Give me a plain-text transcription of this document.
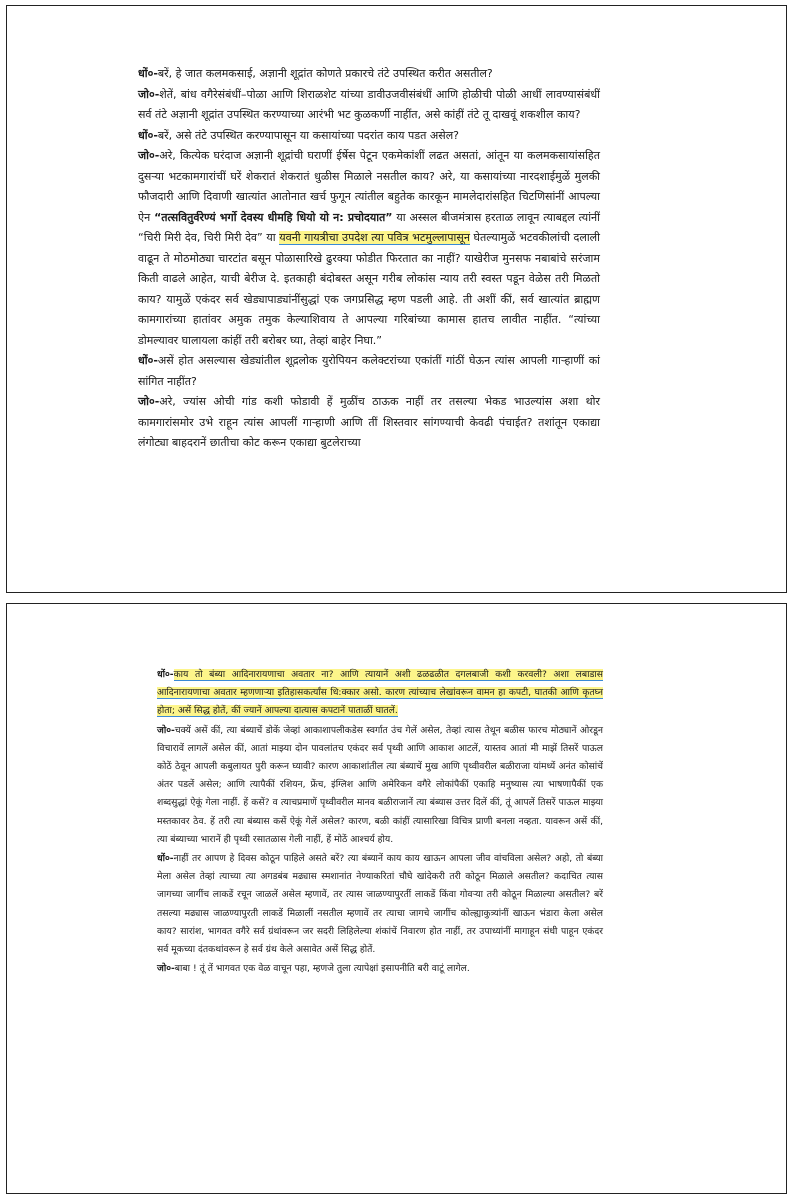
धों०-बरें, हे जात कलमकसाई, अज्ञानी शूद्रांत कोणते प्रकारचे तंटे उपस्थित करीत असतील?

जो०-शेतें, बांध वगैरेसंबंधीं–पोळा आणि शिराळशेट यांच्या डावीउजवीसंबंधीं आणि होळीची पोळी आधीं लावण्यासंबंधीं सर्व तंटे अज्ञानी शूद्रांत उपस्थित करण्याच्या आरंभी भट कुळकर्णी नाहींत, असे कांहीं तंटे तू दाखवूं शकशील काय?

धों०-बरें, असे तंटे उपस्थित करण्यापासून या कसायांच्या पदरांत काय पडत असेल?

जो०-अरे, कित्येक घरंदाज अज्ञानी शूद्रांची घराणीं ईर्षेस पेटून एकमेकांशीं लढत असतां, आंतून या कलमकसायांसहित दुसऱ्या भटकामगारांचीं घरें शेकरातं शेकरातं धुळीस मिळाले नसतील काय? अरे, या कसायांच्या नारदशाईमुळें मुलकी फौजदारी आणि दिवाणी खात्यांत आतोनात खर्च फुगून त्यांतील बहुतेक कारकून मामलेदारांसहित चिटणिसांनीं आपल्या ऐन “तत्सवितुर्वरेण्यं भर्गो देवस्य धीमहि धियो यो न: प्रचोदयात” या अस्सल बीजमंत्रास हरताळ लावून त्याबद्दल त्यांनीं “चिरी मिरी देव, चिरी मिरी देव” या यवनी गायत्रीचा उपदेश त्या पवित्र भटमुल्लापासून घेतल्यामुळें भटवकीलांची दलाली वाढून ते मोठमोठ्या चारटांत बसून पोळासारिखे ढुरक्या फोडीत फिरतात का नाहीं? याखेरीज मुनसफ नबाबांचे सरंजाम किती वाढले आहेत, याची बेरीज दे. इतकाही बंदोबस्त असून गरीब लोकांस न्याय तरी स्वस्त पडून वेळेस तरी मिळतो काय? यामुळें एकंदर सर्व खेड्यापाड्यांनींसुद्धां एक जगप्रसिद्ध म्हण पडली आहे. ती अशीं कीं, सर्व खात्यांत ब्राह्मण कामगारांच्या हातांवर अमुक तमुक केल्याशिवाय ते आपल्या गरिबांच्या कामास हातच लावीत नाहींत. “त्यांच्या डोमल्यावर घालायला कांहीं तरी बरोबर घ्या, तेव्हां बाहेर निघा.”

धों०-असें होत असल्यास खेड्यांतील शूद्रलोक युरोपियन कलेक्टरांच्या एकांतीं गांठीं घेऊन त्यांस आपली गाऱ्हाणीं कां सांगित नाहींत?

जो०-अरे, ज्यांस ओची गांड कशी फोडावी हें मुळींच ठाऊक नाहीं तर तसल्या भेकड भाउल्यांस अशा थोर कामगारांसमोर उभे राहून त्यांस आपलीं गाऱ्हाणी आणि तीं शिस्तवार सांगण्याची केवढी पंचाईत? तशांतून एकाद्या लंगोट्या बाहदरानें छातीचा कोट करून एकाद्या बुटलेराच्या

धों०-काय तो बंब्या आदिनारायणाचा अवतार ना? आणि त्यायानें अशी ढळढळीत दगलबाजी कशी करवली? अशा लबाडास आदिनारायणाचा अवतार म्हणणाऱ्या इतिहासकर्त्यांस धि:क्कार असो. कारण त्यांच्याच लेखांवरून वामन हा कपटी, घातकी आणि कृतघ्न होता; असें सिद्ध होतें, कीं ज्यानें आपल्या दात्यास कपटानें पाताळीं घातलें.

जो०-चक्यें असें कीं, त्या बंब्याचें डोकें जेव्हां आकाशापलीकडेस स्वर्गात उंच गेलें असेल, तेव्हां त्यास तेथून बळीस फारच मोठ्यानें ओरडून विचारावें लागलें असेल कीं, आतां माझ्या दोन पावलांतच एकंदर सर्व पृथ्वी आणि आकाश आटलें, यास्तव आतां मी माझें तिसरें पाऊल कोठें ठेवून आपली कबुलायत पुरी करून घ्यावी? कारण आकाशांतील त्या बंब्याचें मुख आणि पृथ्वीवरील बळीराजा यांमध्यें अनंत कोसांचें अंतर पडलें असेल; आणि त्यापैकीं रशियन, फ्रेंच, इंग्लिश आणि अमेरिकन वगैरे लोकांपैकीं एकाहि मनुष्यास त्या भाषणापैकीं एक शब्दसुद्धां ऐकूं गेला नाहीं. हें कसें? व त्याचप्रमाणें पृथ्वीवरील मानव बळीराजानें त्या बंब्यास उत्तर दिलें कीं, तूं आपलें तिसरें पाऊल माझ्या मस्तकावर ठेव. हें तरी त्या बंब्यास कसें ऐकूं गेलें असेल? कारण, बळी कांहीं त्यासारिखा विचित्र प्राणी बनला नव्हता. यावरून असें कीं, त्या बंब्याच्या भारानें ही पृथ्वी रसातळास गेली नाहीं, हें मोठें आश्चर्य होय.

धों०-नाहीं तर आपण हे दिवस कोठून पाहिले असते बरें? त्या बंब्यानें काय काय खाऊन आपला जीव वांचविला असेल? अहो, तो बंब्या मेला असेल तेव्हां त्याच्या त्या अगडबंब मढ्यास स्मशानांत नेण्याकरितां चौघे खांदेकरी तरी कोठून मिळाले असतील? कदाचित त्यास जागच्या जागींच लाकडें रचून जाळलें असेल म्हणावें, तर त्यास जाळण्यापुरतीं लाकडें किंवा गोवऱ्या तरी कोठून मिळाल्या असतील? बरें तसल्या मढ्यास जाळण्यापुरती लाकडें मिळालीं नसतील म्हणावें तर त्याचा जागचे जागींच कोल्ह्याकुत्र्यांनीं खाऊन भंडारा केला असेल काय? सारांश, भागवत वगैरे सर्व ग्रंथांवरून जर सदरी लिहिलेल्या शंकांचें निवारण होत नाहीं, तर उपाध्यांनीं मागाहून संधी पाहून एकंदर सर्व मूकच्या दंतकथांवरून हे सर्व ग्रंथ केले असावेत असें सिद्ध होतें.

जो०-बाबा ! तूं तें भागवत एक वेळ वाचून पहा, म्हणजे तुला त्यापेक्षां इसापनीति बरी वाटूं लागेल.
